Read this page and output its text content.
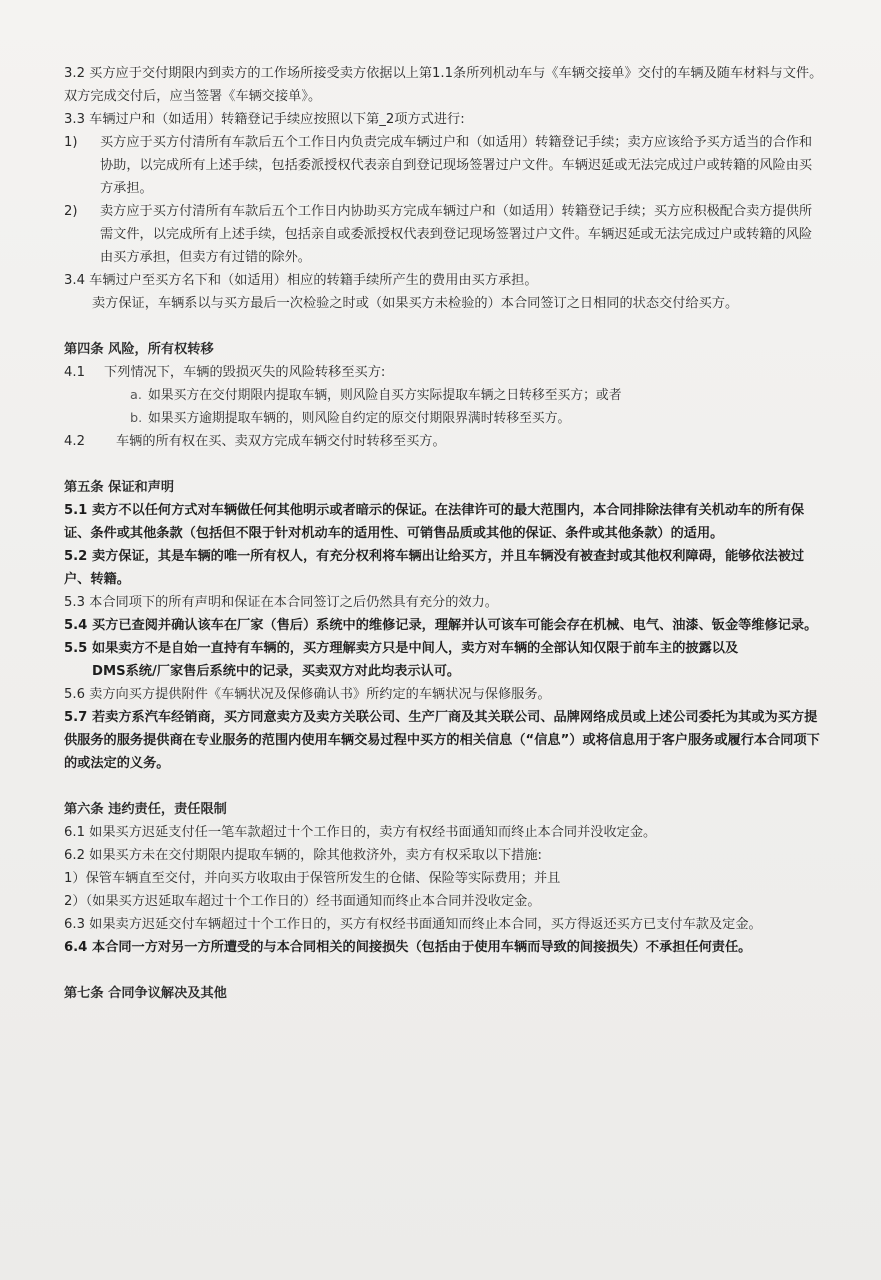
3.2 买方应于交付期限内到卖方的工作场所接受卖方依据以上第1.1条所列机动车与《车辆交接单》交付的车辆及随车材料与文件。双方完成交付后，应当签署《车辆交接单》。

3.3 车辆过户和（如适用）转籍登记手续应按照以下第_2项方式进行:

1)	买方应于买方付清所有车款后五个工作日内负责完成车辆过户和（如适用）转籍登记手续；卖方应该给予买方适当的合作和协助，以完成所有上述手续，包括委派授权代表亲自到登记现场签署过户文件。车辆迟延或无法完成过户或转籍的风险由买方承担。
2)	卖方应于买方付清所有车款后五个工作日内协助买方完成车辆过户和（如适用）转籍登记手续；买方应积极配合卖方提供所需文件，以完成所有上述手续，包括亲自或委派授权代表到登记现场签署过户文件。车辆迟延或无法完成过户或转籍的风险由买方承担，但卖方有过错的除外。

3.4 车辆过户至买方名下和（如适用）相应的转籍手续所产生的费用由买方承担。

卖方保证，车辆系以与买方最后一次检验之时或（如果买方未检验的）本合同签订之日相同的状态交付给买方。

第四条 风险，所有权转移

4.1	下列情况下，车辆的毁损灭失的风险转移至买方:
a. 如果买方在交付期限内提取车辆，则风险自买方实际提取车辆之日转移至买方；或者
b. 如果买方逾期提取车辆的，则风险自约定的原交付期限界满时转移至买方。
4.2	车辆的所有权在买、卖双方完成车辆交付时转移至买方。

第五条 保证和声明

5.1 卖方不以任何方式对车辆做任何其他明示或者暗示的保证。在法律许可的最大范围内，本合同排除法律有关机动车的所有保证、条件或其他条款（包括但不限于针对机动车的适用性、可销售品质或其他的保证、条件或其他条款）的适用。

5.2 卖方保证，其是车辆的唯一所有权人，有充分权利将车辆出让给买方，并且车辆没有被查封或其他权利障碍，能够依法被过户、转籍。

5.3 本合同项下的所有声明和保证在本合同签订之后仍然具有充分的效力。

5.4 买方已查阅并确认该车在厂家（售后）系统中的维修记录，理解并认可该车可能会存在机械、电气、油漆、钣金等维修记录。

5.5 如果卖方不是自始一直持有车辆的，买方理解卖方只是中间人，卖方对车辆的全部认知仅限于前车主的披露以及

DMS系统/厂家售后系统中的记录，买卖双方对此均表示认可。

5.6 卖方向买方提供附件《车辆状况及保修确认书》所约定的车辆状况与保修服务。

5.7 若卖方系汽车经销商，买方同意卖方及卖方关联公司、生产厂商及其关联公司、品牌网络成员或上述公司委托为其或为买方提供服务的服务提供商在专业服务的范围内使用车辆交易过程中买方的相关信息（“信息”）或将信息用于客户服务或履行本合同项下的或法定的义务。

第六条 违约责任，责任限制

6.1 如果买方迟延支付任一笔车款超过十个工作日的，卖方有权经书面通知而终止本合同并没收定金。

6.2 如果买方未在交付期限内提取车辆的，除其他救济外，卖方有权采取以下措施:

1）保管车辆直至交付，并向买方收取由于保管所发生的仓储、保险等实际费用；并且

2）（如果买方迟延取车超过十个工作日的）经书面通知而终止本合同并没收定金。

6.3 如果卖方迟延交付车辆超过十个工作日的，买方有权经书面通知而终止本合同，买方得返还买方已支付车款及定金。

6.4 本合同一方对另一方所遭受的与本合同相关的间接损失（包括由于使用车辆而导致的间接损失）不承担任何责任。

第七条 合同争议解决及其他
